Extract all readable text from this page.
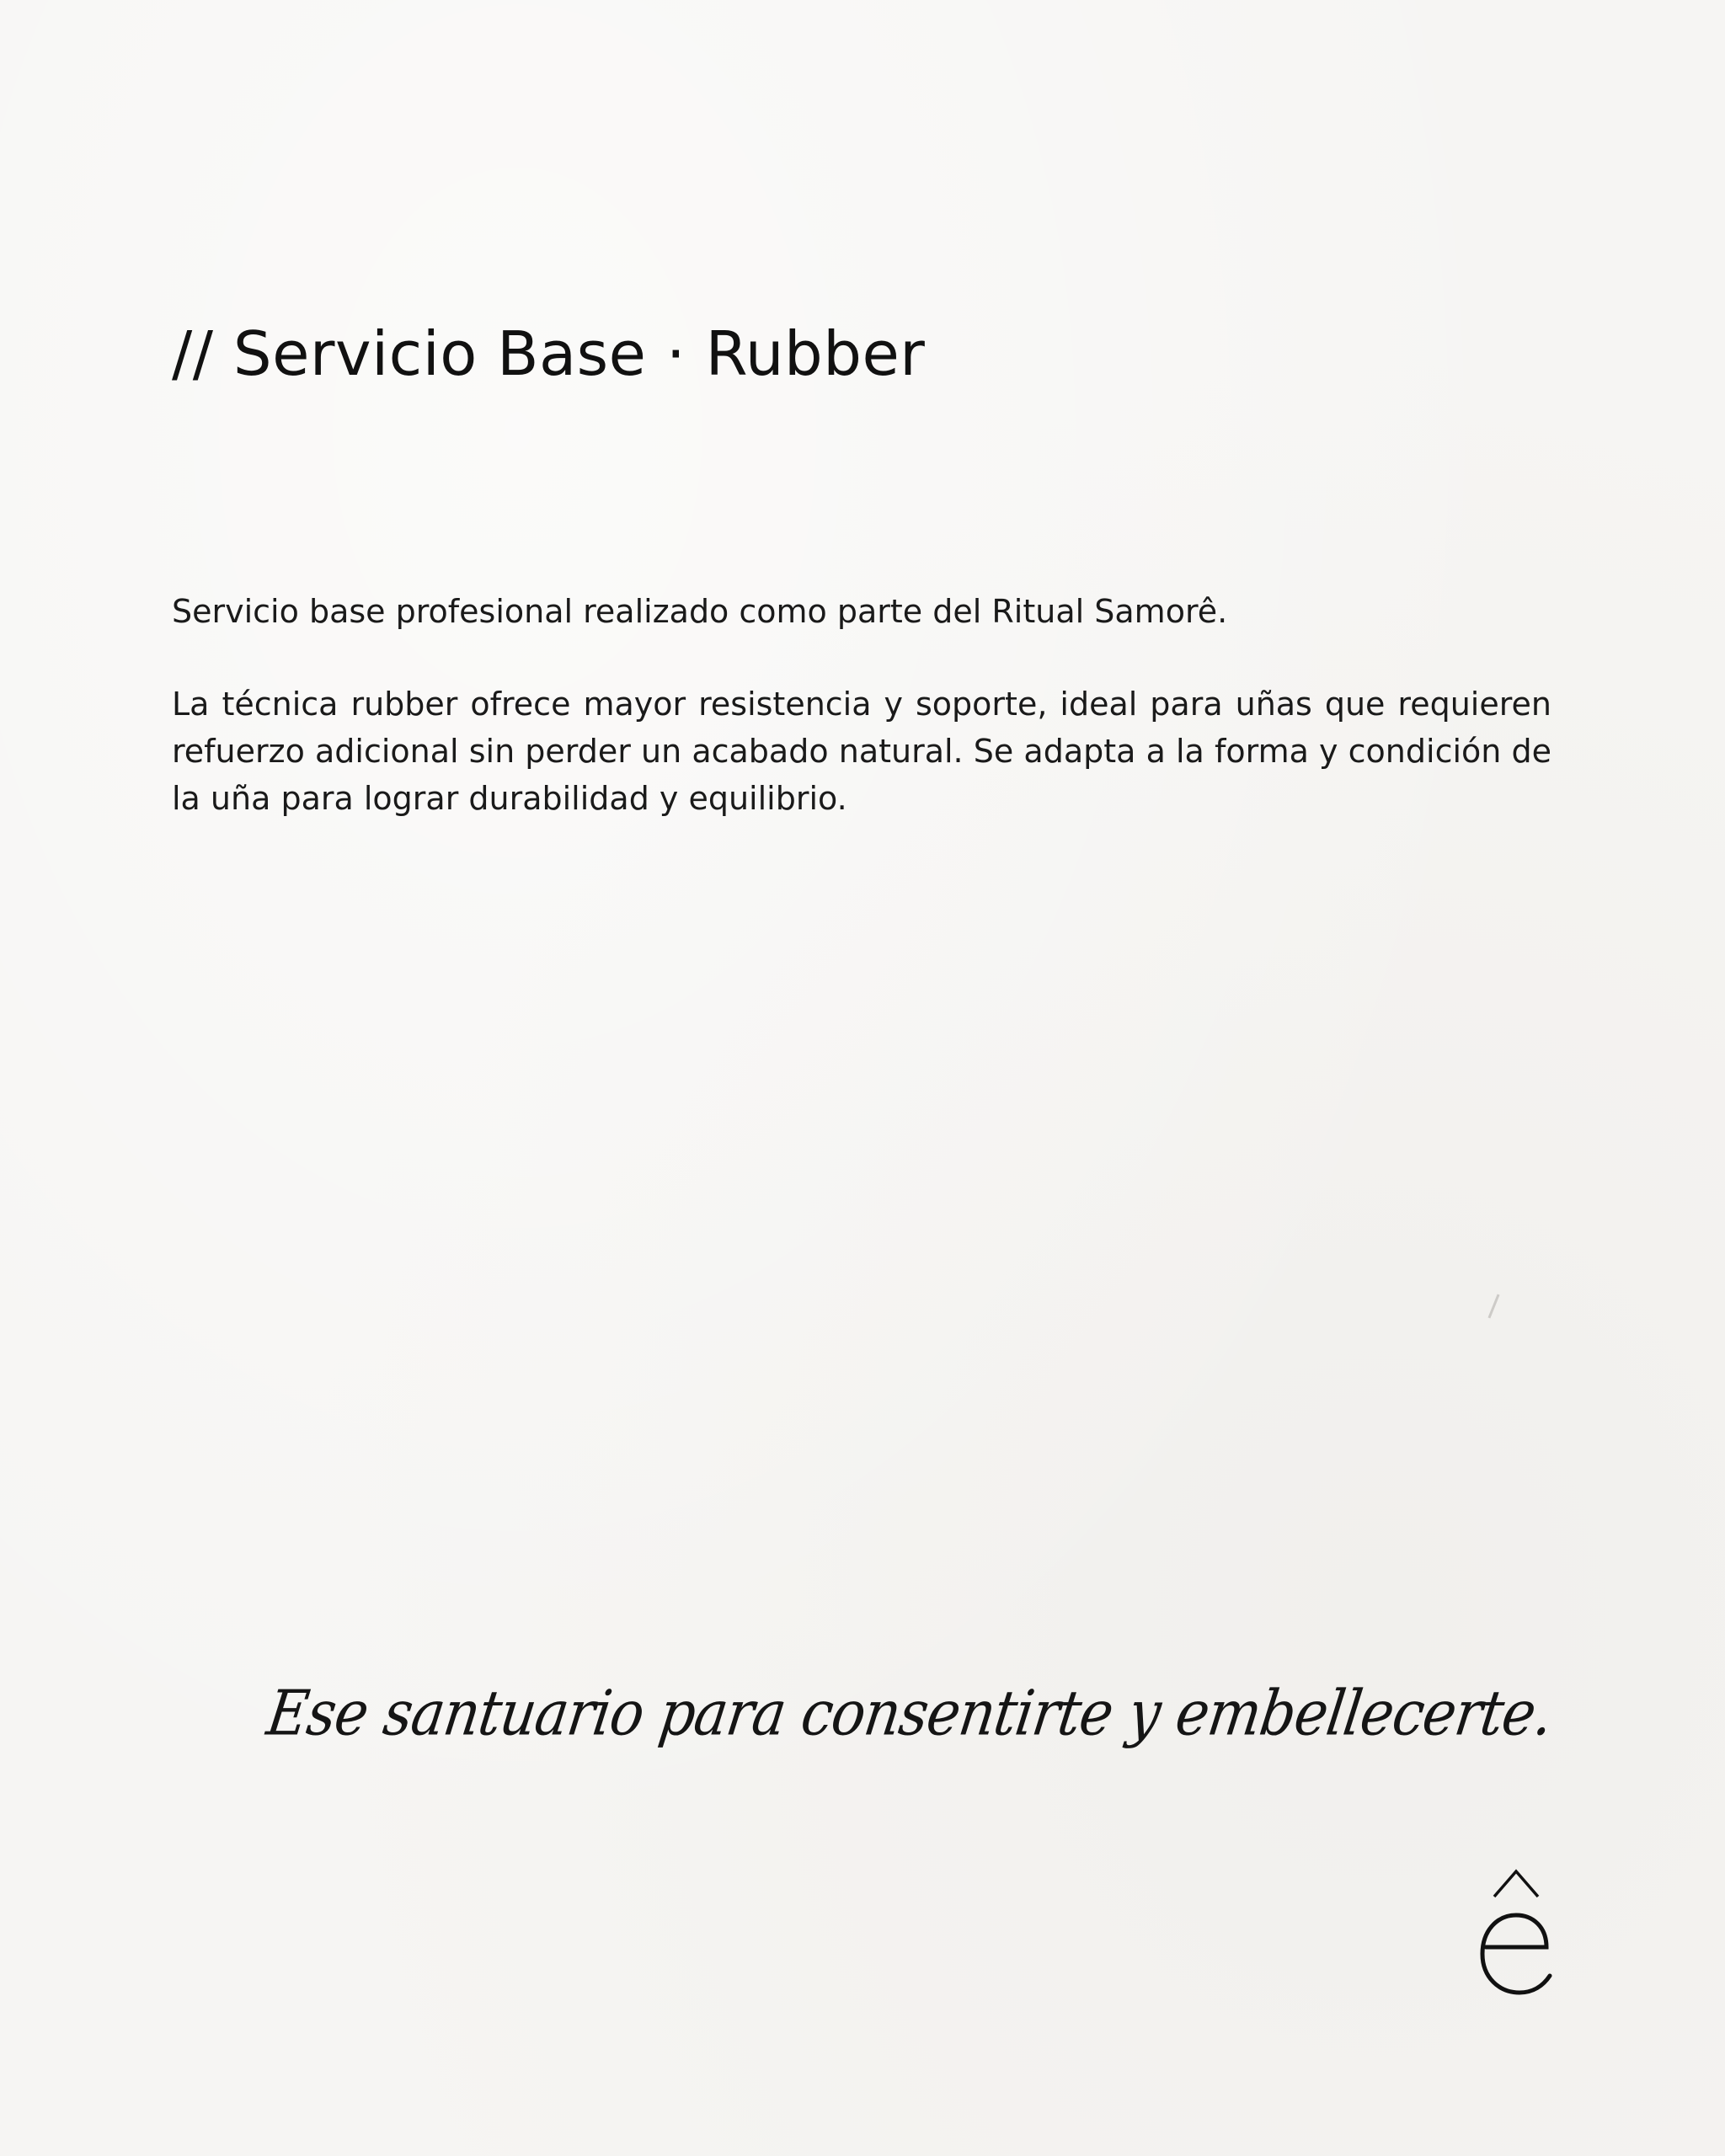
// Servicio Base · Rubber

Servicio base profesional realizado como parte del Ritual Samorê.

La técnica rubber ofrece mayor resistencia y soporte, ideal para uñas que requieren refuerzo adicional sin perder un acabado natural. Se adapta a la forma y condición de la uña para lograr durabilidad y equilibrio.

Ese santuario para consentirte y embellecerte.
